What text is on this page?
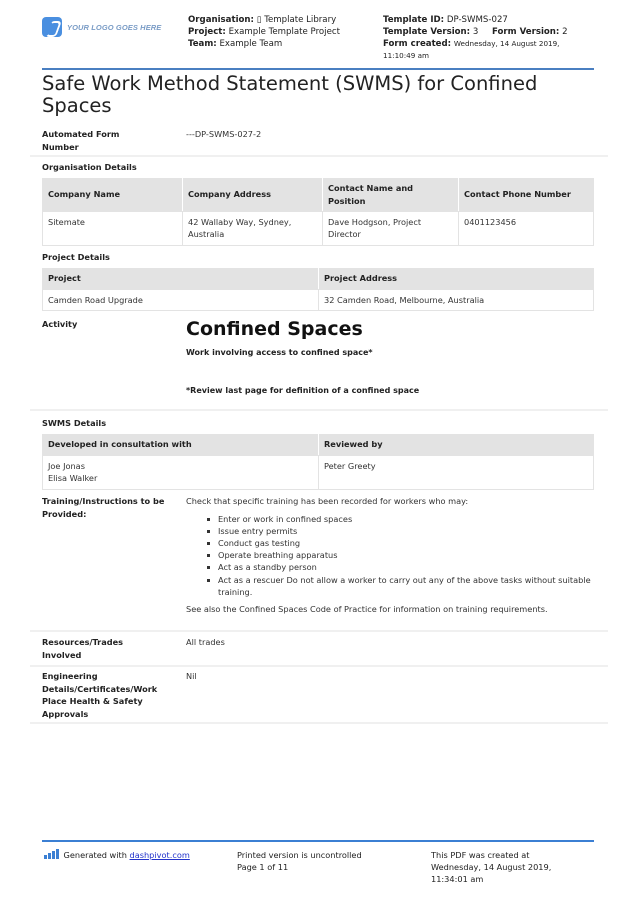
YOUR LOGO GOES HERE
Organisation: ▯ Template Library
Project: Example Template Project
Team: Example Team
Template ID: DP-SWMS-027
Template Version: 3 Form Version: 2
Form created: Wednesday, 14 August 2019,
11:10:49 am
Safe Work Method Statement (SWMS) for Confined Spaces
Automated Form Number
---DP-SWMS-027-2
Organisation Details
Company Name	Company Address	Contact Name and Position	Contact Phone Number
Sitemate	42 Wallaby Way, Sydney, Australia	Dave Hodgson, Project Director	0401123456
Project Details
Project	Project Address
Camden Road Upgrade	32 Camden Road, Melbourne, Australia
Activity	Confined Spaces
Work involving access to confined space*
*Review last page for definition of a confined space
SWMS Details
Developed in consultation with	Reviewed by

Joe Jonas
Elisa Walker	Peter Greety
Training/Instructions to be Provided:
Check that specific training has been recorded for workers who may:
Enter or work in confined spaces
Issue entry permits
Conduct gas testing
Operate breathing apparatus
Act as a standby person
Act as a rescuer Do not allow a worker to carry out any of the above tasks without suitable training.
See also the Confined Spaces Code of Practice for information on training requirements.
Resources/Trades Involved
All trades
Engineering Details/Certificates/Work Place Health & Safety Approvals
Nil
Generated with dashpivot.com	Printed version is uncontrolled
Page 1 of 11
This PDF was created at
Wednesday, 14 August 2019,
11:34:01 am
